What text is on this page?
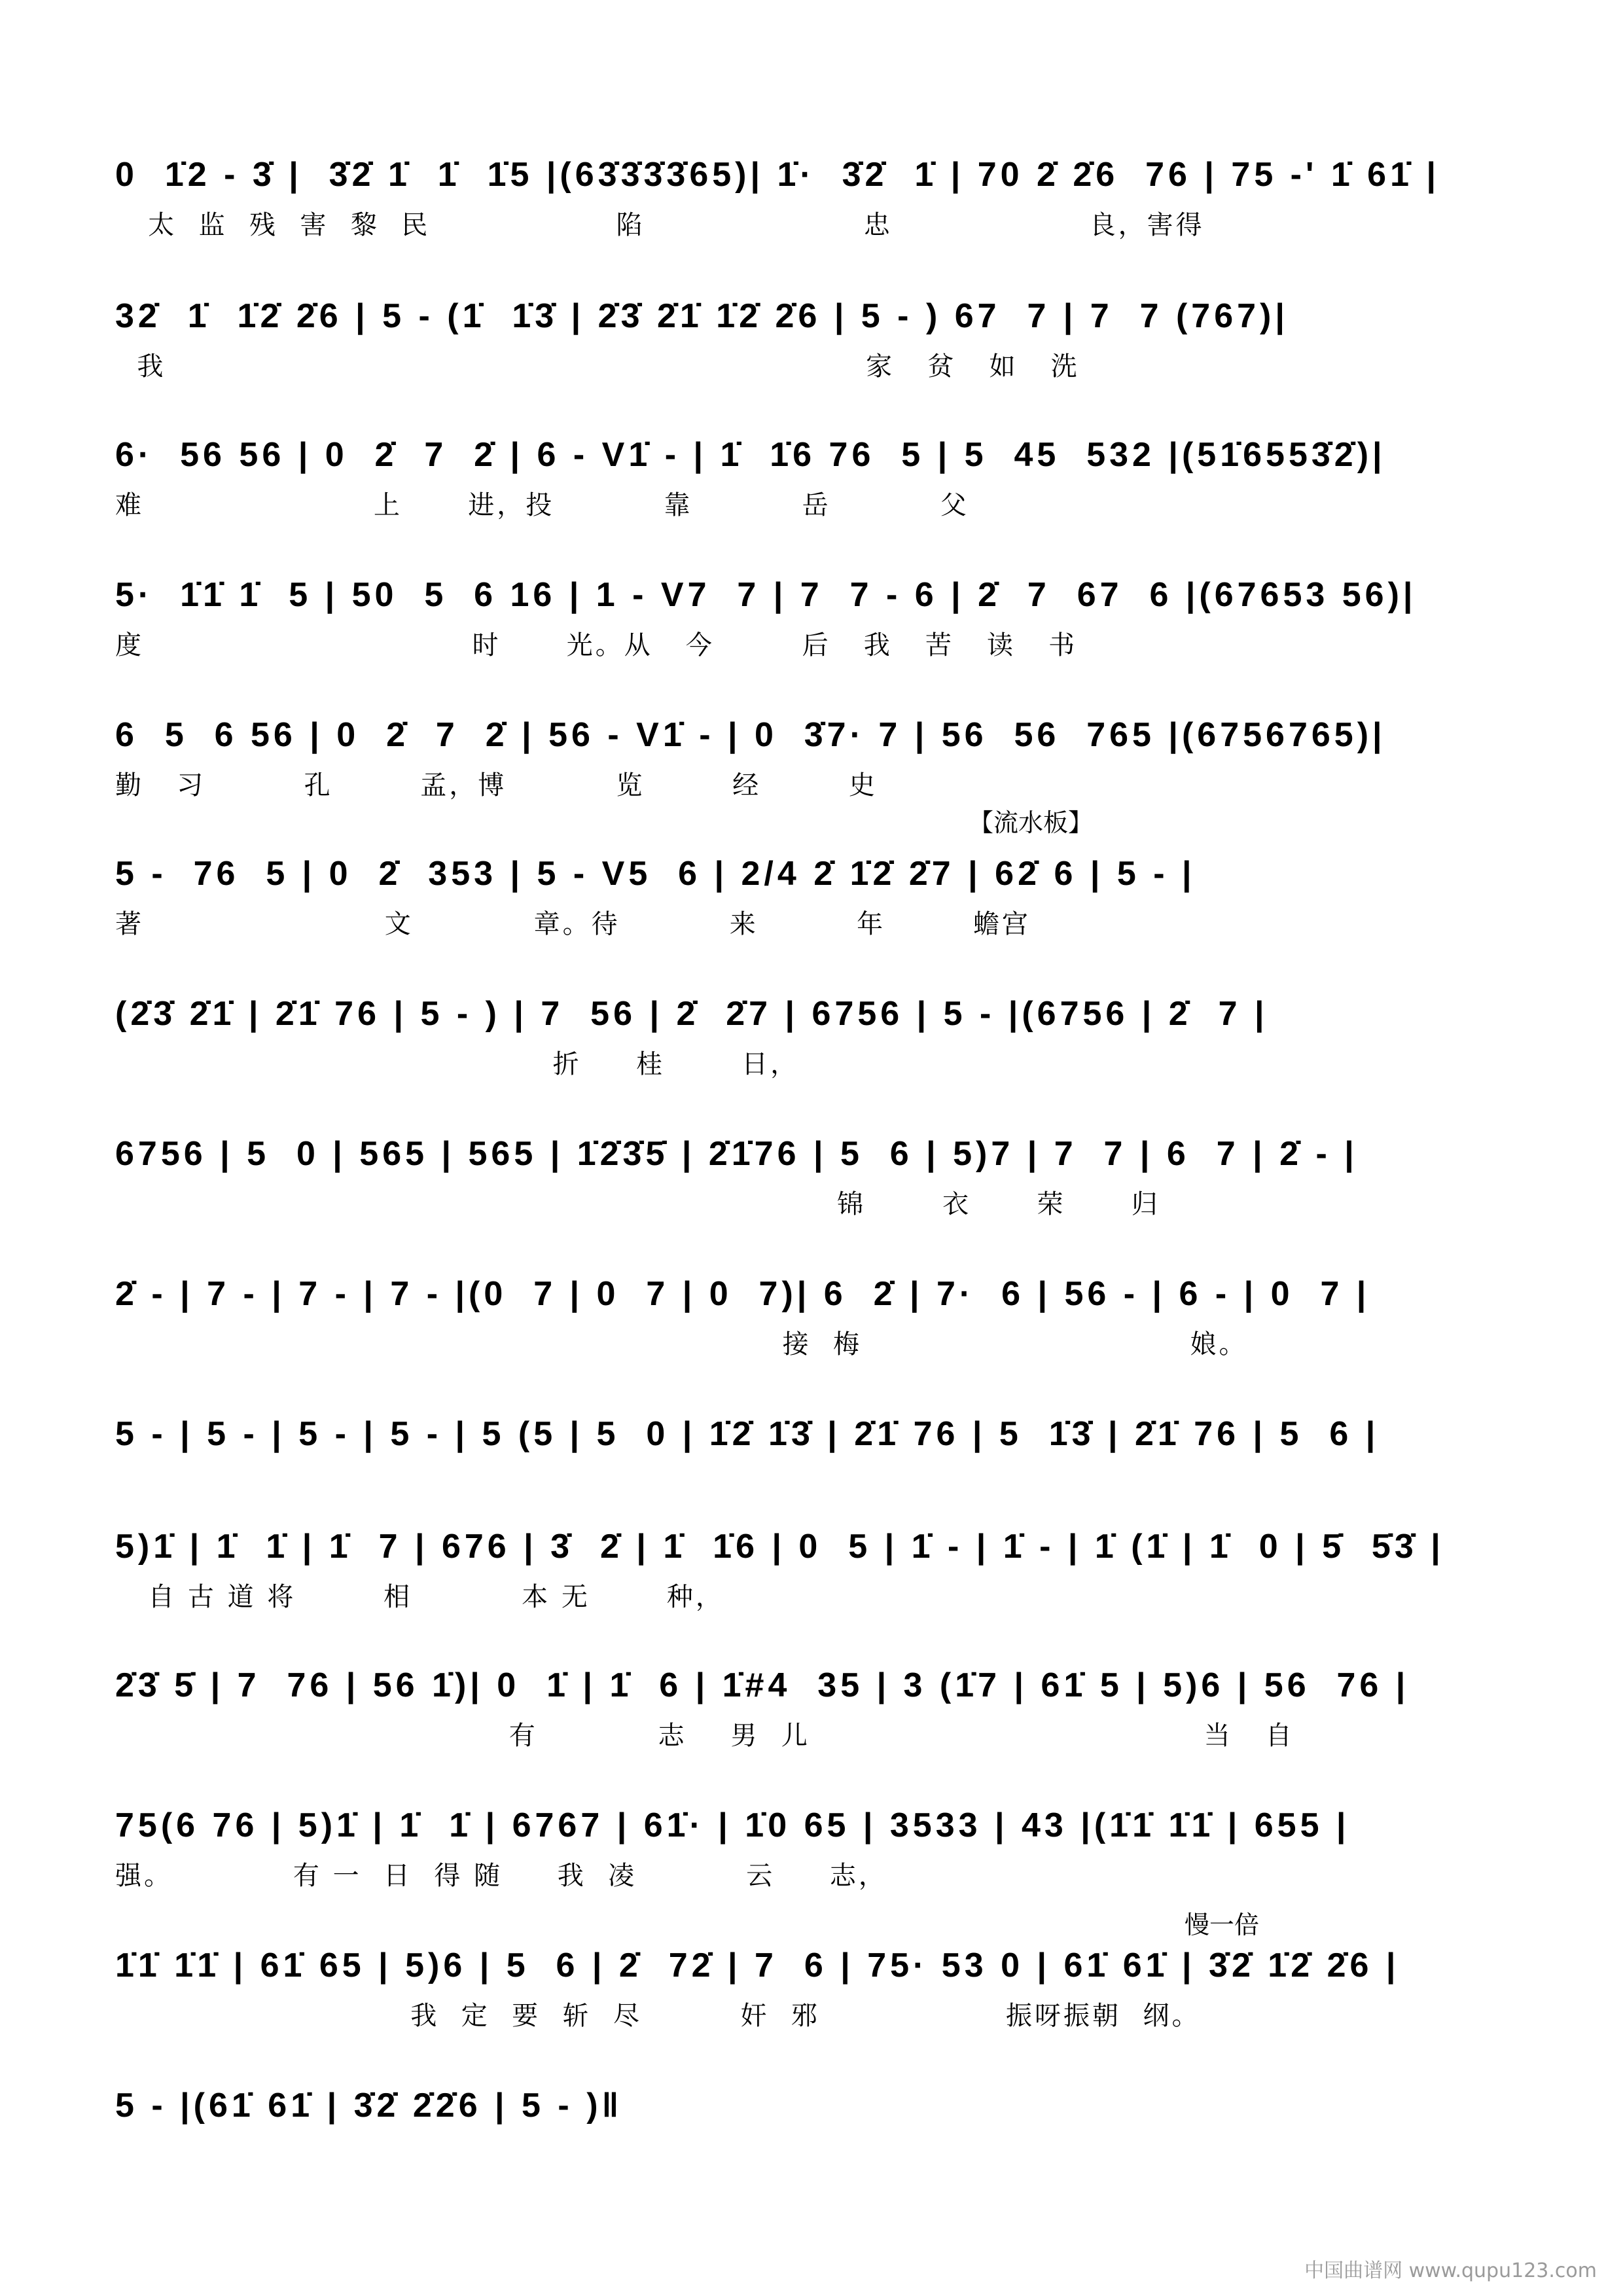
0  1̇2 - 3̇ |  3̇2̇ 1̇  1̇  1̇5 |(63̇3̇3̇3̇65)| 1̇·  3̇2̇  1̇ | 70 2̇ 2̇6  76 | 75 -' 1̇ 61̇ |
太  监  残  害  黎  民                 陷                    忠                  良，害得
32̇  1̇  1̇2̇ 2̇6 | 5 - (1̇  1̇3̇ | 2̇3̇ 2̇1̇ 1̇2̇ 2̇6 | 5 - ) 67  7 | 7  7 (767)|
我                                                                家   贫   如   洗
6·  56 56 | 0  2̇  7  2̇ | 6 - V1̇ - | 1̇  1̇6 76  5 | 5  45  532 |(51̇6553̇2̇)|
难                     上      进，投          靠          岳          父
5·  1̇1̇ 1̇  5 | 50  5  6 16 | 1 - V7  7 | 7  7 - 6 | 2̇  7  67  6 |(67653 56)|
度                              时      光。从   今        后   我   苦   读   书
6  5  6 56 | 0  2̇  7  2̇ | 56 - V1̇ - | 0  3̇7· 7 | 56  56  765 |(6756765)|
勤   习         孔        孟，博          览        经        史
【流水板】
5 -  76  5 | 0  2̇  353 | 5 - V5  6 | 2/4 2̇ 1̇2̇ 2̇7 | 62̇ 6 | 5 - |
著                      文           章。待          来         年        蟾宫
(2̇3̇ 2̇1̇ | 2̇1̇ 76 | 5 - ) | 7  56 | 2̇  2̇7 | 6756 | 5 - |(6756 | 2̇  7 |
折     桂       日，
6756 | 5  0 | 565 | 565 | 1̇2̇3̇5̇ | 2̇1̇76 | 5  6 | 5)7 | 7  7 | 6  7 | 2̇ - |
锦       衣      荣      归
2̇ - | 7 - | 7 - | 7 - |(0  7 | 0  7 | 0  7)| 6  2̇ | 7·  6 | 56 - | 6 - | 0  7 |
接  梅                              娘。
5 - | 5 - | 5 - | 5 - | 5 (5 | 5  0 | 1̇2̇ 1̇3̇ | 2̇1̇ 76 | 5  1̇3̇ | 2̇1̇ 76 | 5  6 |
5)1̇ | 1̇  1̇ | 1̇  7 | 676 | 3̇  2̇ | 1̇  1̇6 | 0  5 | 1̇ - | 1̇ - | 1̇ (1̇ | 1̇  0 | 5̇  5̇3̇ |
自 古 道 将        相          本 无       种，
2̇3̇ 5̇ | 7  76 | 56 1̇)| 0  1̇ | 1̇  6 | 1̇#4  35 | 3 (1̇7 | 61̇ 5 | 5)6 | 56  76 |
有           志    男  儿                                    当   自
75(6 76 | 5)1̇ | 1̇  1̇ | 6767 | 61̇· | 1̇0 65 | 3533 | 43 |(1̇1̇ 1̇1̇ | 655 |
强。           有 一  日  得 随     我  凌          云     志，
慢一倍
1̇1̇ 1̇1̇ | 61̇ 65 | 5)6 | 5  6 | 2̇  72̇ | 7  6 | 75· 53 0 | 61̇ 61̇ | 3̇2̇ 1̇2̇ 2̇6 |
我  定  要  斩  尽         奸  邪                 振呀振朝  纲。
5 - |(61̇ 61̇ | 3̇2̇ 2̇2̇6 | 5 - )‖
中国曲谱网 www.qupu123.com
